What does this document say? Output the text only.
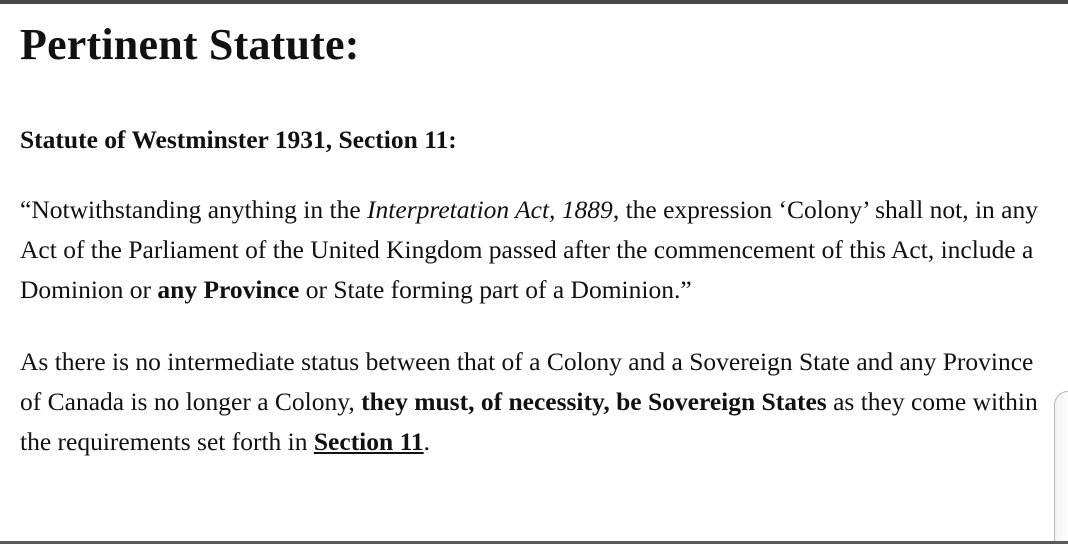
Pertinent Statute:
Statute of Westminster 1931, Section 11:

“Notwithstanding anything in the Interpretation Act, 1889, the expression ‘Colony’ shall not, in any Act of the Parliament of the United Kingdom passed after the commencement of this Act, include a Dominion or any Province or State forming part of a Dominion.”

As there is no intermediate status between that of a Colony and a Sovereign State and any Province of Canada is no longer a Colony, they must, of necessity, be Sovereign States as they come within the requirements set forth in Section 11.
